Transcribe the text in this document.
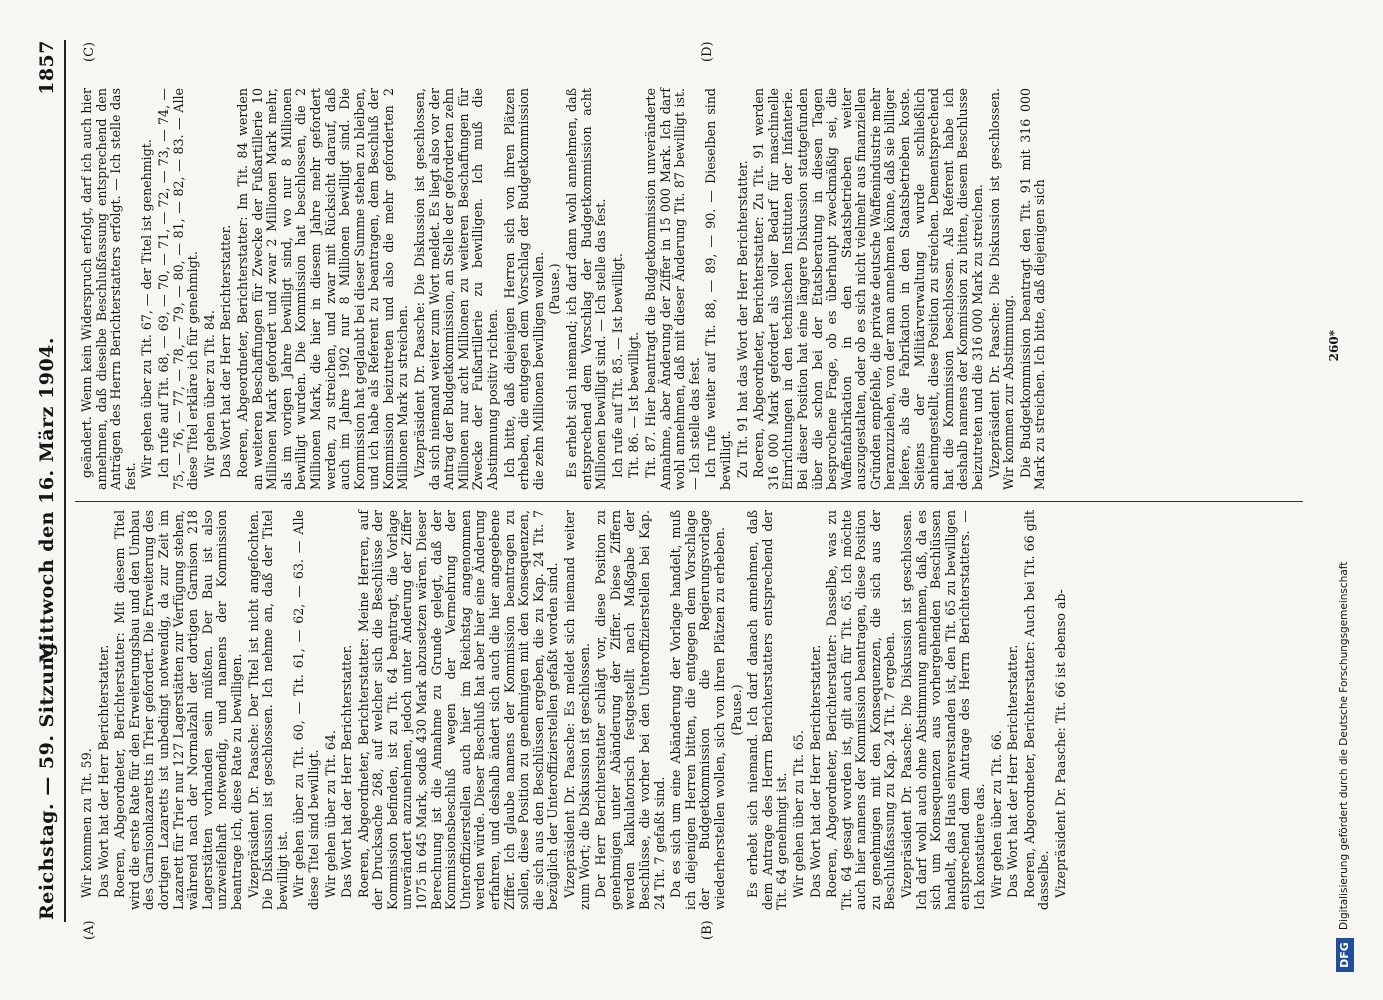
Reichstag. — 59. Sitzung.
Mittwoch den 16. März 1904.
1857
(A)	(B)
(C)	(D)

Wir kommen zu Tit. 59. Das Wort hat der Herr Berichterstatter. Roeren, Abgeordneter, Berichterstatter: Mit diesem Titel wird die erste Rate für den Erweiterungsbau und den Umbau des Garnisonlazaretts in Trier gefordert. Die Erweiterung des dortigen Lazaretts ist unbedingt notwendig, da zur Zeit im Lazarett für Trier nur 127 Lagerstätten zur Verfügung stehen, während nach der Normalzahl der dortigen Garnison 218 Lagerstätten vorhanden sein müßten. Der Bau ist also unzweifelhaft notwendig, und namens der Kommission beantrage ich, diese Rate zu bewilligen. Vizepräsident Dr. Paasche: Der Titel ist nicht angefochten. Die Diskussion ist geschlossen. Ich nehme an, daß der Titel bewilligt ist. Wir gehen über zu Tit. 60, — Tit. 61, — 62, — 63. — Alle diese Titel sind bewilligt. Wir gehen über zu Tit. 64. Das Wort hat der Herr Berichterstatter. Roeren, Abgeordneter, Berichterstatter: Meine Herren, auf der Drucksache 268, auf welcher sich die Beschlüsse der Kommission befinden, ist zu Tit. 64 beantragt, die Vorlage unverändert anzunehmen, jedoch unter Änderung der Ziffer 1075 in 645 Mark, sodaß 430 Mark abzusetzen wären. Dieser Berechnung ist die Annahme zu Grunde gelegt, daß der Kommissionsbeschluß wegen der Vermehrung der Unteroffizierstellen auch hier im Reichstag angenommen werden würde. Dieser Beschluß hat aber hier eine Änderung erfahren, und deshalb ändert sich auch die hier angegebene Ziffer. Ich glaube namens der Kommission beantragen zu sollen, diese Position zu genehmigen mit den Konsequenzen, die sich aus den Beschlüssen ergeben, die zu Kap. 24 Tit. 7 bezüglich der Unteroffizierstellen gefaßt worden sind. Vizepräsident Dr. Paasche: Es meldet sich niemand weiter zum Wort; die Diskussion ist geschlossen. Der Herr Berichterstatter schlägt vor, diese Position zu genehmigen unter Abänderung der Ziffer. Diese Ziffern werden kalkulatorisch festgestellt nach Maßgabe der Beschlüsse, die vorher bei den Unteroffizierstellen bei Kap. 24 Tit. 7 gefaßt sind. Da es sich um eine Abänderung der Vorlage handelt, muß ich diejenigen Herren bitten, die entgegen dem Vorschlage der Budgetkommission die Regierungsvorlage wiederherstellen wollen, sich von ihren Plätzen zu erheben. (Pause.) Es erhebt sich niemand. Ich darf danach annehmen, daß dem Antrage des Herrn Berichterstatters entsprechend der Tit. 64 genehmigt ist. Wir gehen über zu Tit. 65. Das Wort hat der Herr Berichterstatter. Roeren, Abgeordneter, Berichterstatter: Dasselbe, was zu Tit. 64 gesagt worden ist, gilt auch für Tit. 65. Ich möchte auch hier namens der Kommission beantragen, diese Position zu genehmigen mit den Konsequenzen, die sich aus der Beschlußfassung zu Kap. 24 Tit. 7 ergeben. Vizepräsident Dr. Paasche: Die Diskussion ist geschlossen. Ich darf wohl auch ohne Abstimmung annehmen, daß, da es sich um Konsequenzen aus vorhergehenden Beschlüssen handelt, das Haus einverstanden ist, den Tit. 65 zu bewilligen entsprechend dem Antrage des Herrn Berichterstatters. — Ich konstatiere das. Wir gehen über zu Tit. 66. Das Wort hat der Herr Berichterstatter. Roeren, Abgeordneter, Berichterstatter: Auch bei Tit. 66 gilt dasselbe. Vizepräsident Dr. Paasche: Tit. 66 ist ebenso ab-

geändert. Wenn kein Widerspruch erfolgt, darf ich auch hier annehmen, daß dieselbe Beschlußfassung entsprechend den Anträgen des Herrn Berichterstatters erfolgt. — Ich stelle das fest. Wir gehen über zu Tit. 67, — der Titel ist genehmigt. Ich rufe auf Tit. 68, — 69, — 70, — 71, — 72, — 73, — 74, — 75, — 76, — 77, — 78, — 79, — 80, — 81, — 82, — 83. — Alle diese Titel erkläre ich für genehmigt. Wir gehen über zu Tit. 84. Das Wort hat der Herr Berichterstatter. Roeren, Abgeordneter, Berichterstatter: Im Tit. 84 werden an weiteren Beschaffungen für Zwecke der Fußartillerie 10 Millionen Mark gefordert und zwar 2 Millionen Mark mehr, als im vorigen Jahre bewilligt sind, wo nur 8 Millionen bewilligt wurden. Die Kommission hat beschlossen, die 2 Millionen Mark, die hier in diesem Jahre mehr gefordert werden, zu streichen, und zwar mit Rücksicht darauf, daß auch im Jahre 1902 nur 8 Millionen bewilligt sind. Die Kommission hat geglaubt bei dieser Summe stehen zu bleiben, und ich habe als Referent zu beantragen, dem Beschluß der Kommission beizutreten und also die mehr geforderten 2 Millionen Mark zu streichen. Vizepräsident Dr. Paasche: Die Diskussion ist geschlossen, da sich niemand weiter zum Wort meldet. Es liegt also vor der Antrag der Budgetkommission, an Stelle der geforderten zehn Millionen nur acht Millionen zu weiteren Beschaffungen für Zwecke der Fußartillerie zu bewilligen. Ich muß die Abstimmung positiv richten. Ich bitte, daß diejenigen Herren sich von ihren Plätzen erheben, die entgegen dem Vorschlag der Budgetkommission die zehn Millionen bewilligen wollen. (Pause.) Es erhebt sich niemand; ich darf dann wohl annehmen, daß entsprechend dem Vorschlag der Budgetkommission acht Millionen bewilligt sind. — Ich stelle das fest. Ich rufe auf Tit. 85. — Ist bewilligt. Tit. 86. — Ist bewilligt. Tit. 87. Hier beantragt die Budgetkommission unveränderte Annahme, aber Änderung der Ziffer in 15 000 Mark. Ich darf wohl annehmen, daß mit dieser Änderung Tit. 87 bewilligt ist. — Ich stelle das fest. Ich rufe weiter auf Tit. 88, — 89, — 90. — Dieselben sind bewilligt. Zu Tit. 91 hat das Wort der Herr Berichterstatter. Roeren, Abgeordneter, Berichterstatter: Zu Tit. 91 werden 316 000 Mark gefordert als voller Bedarf für maschinelle Einrichtungen in den technischen Instituten der Infanterie. Bei dieser Position hat eine längere Diskussion stattgefunden über die schon bei der Etatsberatung in diesen Tagen besprochene Frage, ob es überhaupt zweckmäßig sei, die Waffenfabrikation in den Staatsbetrieben weiter auszugestalten, oder ob es sich nicht vielmehr aus finanziellen Gründen empfehle, die private deutsche Waffenindustrie mehr heranzuziehen, von der man annehmen könne, daß sie billiger liefere, als die Fabrikation in den Staatsbetrieben koste. Seitens der Militärverwaltung wurde schließlich anheimgestellt, diese Position zu streichen. Dementsprechend hat die Kommission beschlossen. Als Referent habe ich deshalb namens der Kommission zu bitten, diesem Beschlusse beizutreten und die 316 000 Mark zu streichen. Vizepräsident Dr. Paasche: Die Diskussion ist geschlossen. Wir kommen zur Abstimmung. Die Budgetkommission beantragt den Tit. 91 mit 316 000 Mark zu streichen. Ich bitte, daß diejenigen sich	260*
DFG
Digitalisierung gefördert durch die Deutsche Forschungsgemeinschaft
